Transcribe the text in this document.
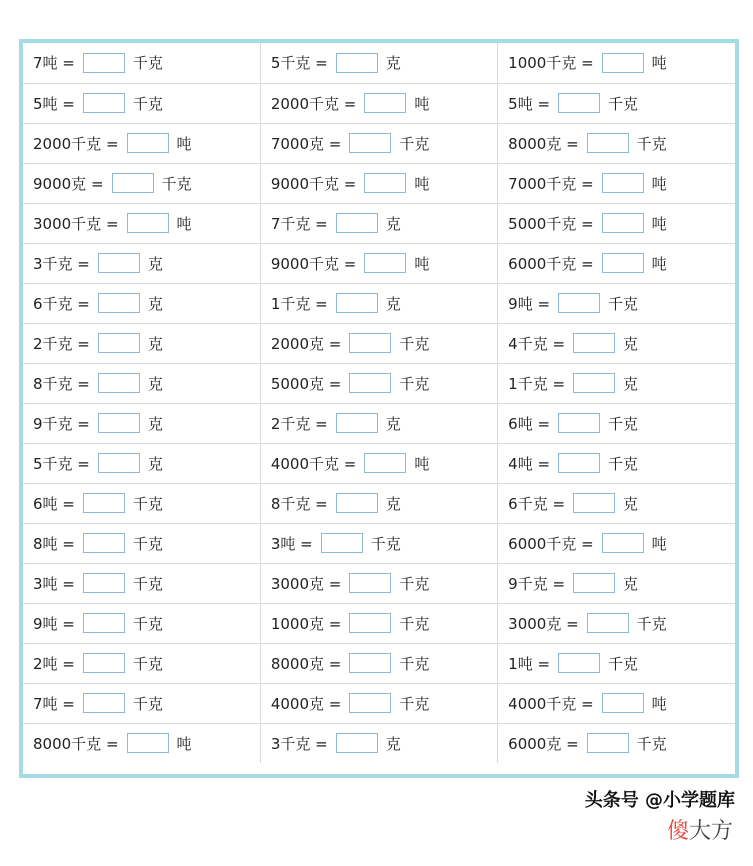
7吨 = 千克	5千克 = 克	1000千克 = 吨
5吨 = 千克	2000千克 = 吨	5吨 = 千克
2000千克 = 吨	7000克 = 千克	8000克 = 千克
9000克 = 千克	9000千克 = 吨	7000千克 = 吨
3000千克 = 吨	7千克 = 克	5000千克 = 吨
3千克 = 克	9000千克 = 吨	6000千克 = 吨
6千克 = 克	1千克 = 克	9吨 = 千克
2千克 = 克	2000克 = 千克	4千克 = 克
8千克 = 克	5000克 = 千克	1千克 = 克
9千克 = 克	2千克 = 克	6吨 = 千克
5千克 = 克	4000千克 = 吨	4吨 = 千克
6吨 = 千克	8千克 = 克	6千克 = 克
8吨 = 千克	3吨 = 千克	6000千克 = 吨
3吨 = 千克	3000克 = 千克	9千克 = 克
9吨 = 千克	1000克 = 千克	3000克 = 千克
2吨 = 千克	8000克 = 千克	1吨 = 千克
7吨 = 千克	4000克 = 千克	4000千克 = 吨
8000千克 = 吨	3千克 = 克	6000克 = 千克
头条号 @小学题库
傻大方
